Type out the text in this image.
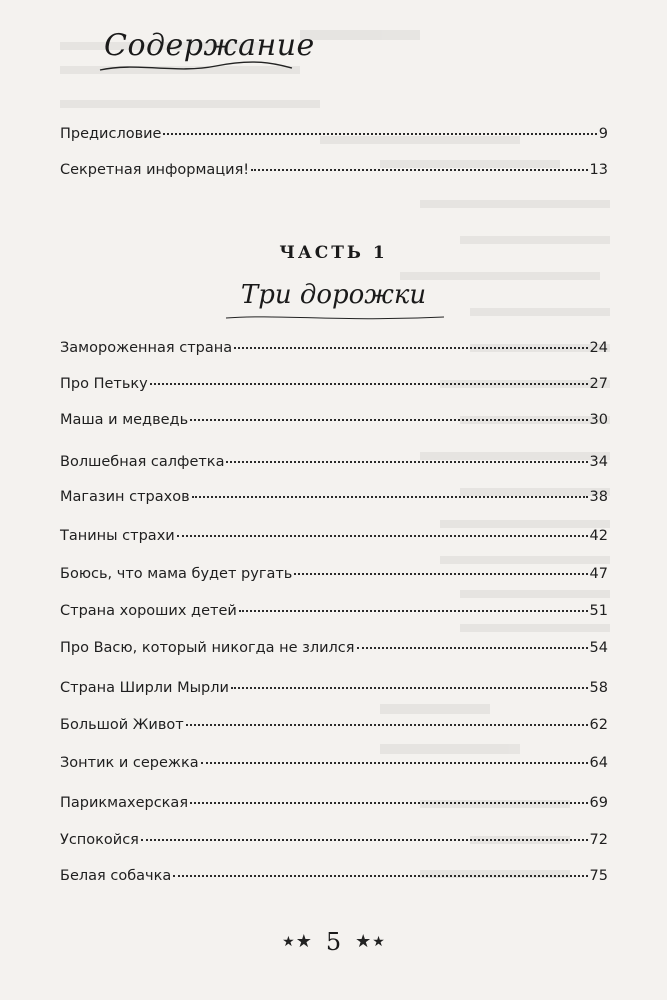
Содержание
Предисловие	9
Секретная информация!	13
ЧАСТЬ 1
Три дорожки
Замороженная страна	24
Про Петьку	27
Маша и медведь	30
Волшебная салфетка	34
Магазин страхов	38
Танины страхи	42
Боюсь, что мама будет ругать	47
Страна хороших детей	51
Про Васю, который никогда не злился	54
Страна Ширли Мырли	58
Большой Живот	62
Зонтик и сережка	64
Парикмахерская	69
Успокойся	72
Белая собачка	75
★ ★ 5 ★ ★
